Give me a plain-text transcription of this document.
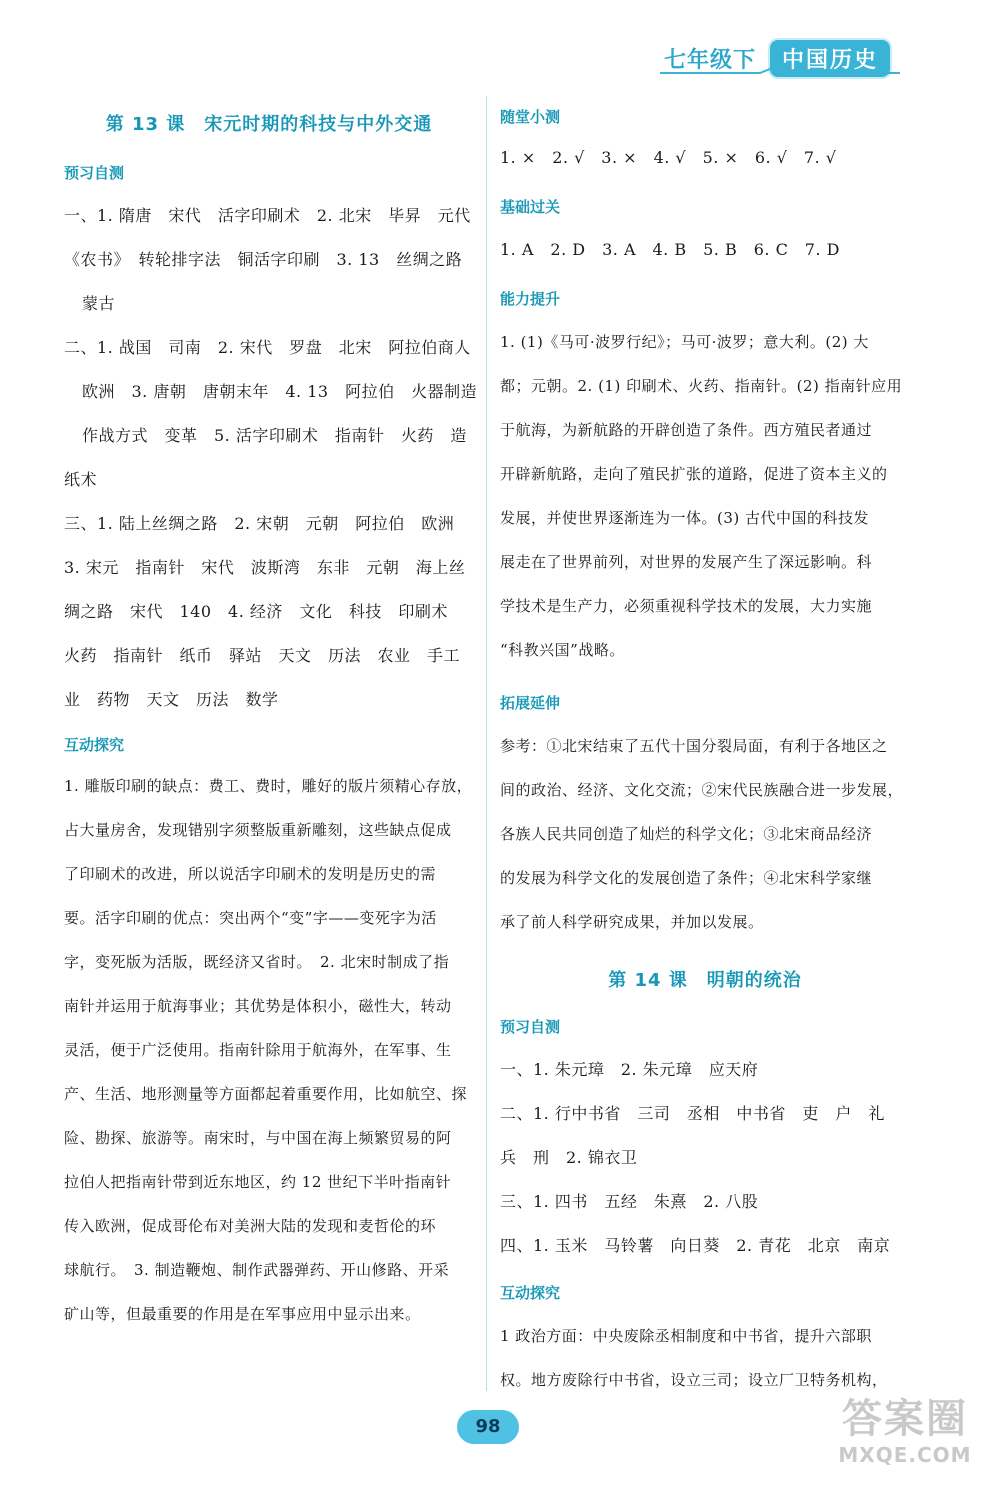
七年级下	中国历史
第 13 课　宋元时期的科技与中外交通
预习自测
一、1. 隋唐　宋代　活字印刷术　2. 北宋　毕昇　元代
《农书》　转轮排字法　铜活字印刷　3. 13　丝绸之路
蒙古
二、1. 战国　司南　2. 宋代　罗盘　北宋　阿拉伯商人
欧洲　3. 唐朝　唐朝末年　4. 13　阿拉伯　火器制造
作战方式　变革　5. 活字印刷术　指南针　火药　造
纸术
三、1. 陆上丝绸之路　2. 宋朝　元朝　阿拉伯　欧洲
3. 宋元　指南针　宋代　波斯湾　东非　元朝　海上丝
绸之路　宋代　140　4. 经济　文化　科技　印刷术
火药　指南针　纸币　驿站　天文　历法　农业　手工
业　药物　天文　历法　数学
互动探究
1. 雕版印刷的缺点：费工、费时，雕好的版片须精心存放，
占大量房舍，发现错别字须整版重新雕刻，这些缺点促成
了印刷术的改进，所以说活字印刷术的发明是历史的需
要。活字印刷的优点：突出两个“变”字——变死字为活
字，变死版为活版，既经济又省时。　2. 北宋时制成了指
南针并运用于航海事业；其优势是体积小，磁性大，转动
灵活，便于广泛使用。指南针除用于航海外，在军事、生
产、生活、地形测量等方面都起着重要作用，比如航空、探
险、勘探、旅游等。南宋时，与中国在海上频繁贸易的阿
拉伯人把指南针带到近东地区，约 12 世纪下半叶指南针
传入欧洲，促成哥伦布对美洲大陆的发现和麦哲伦的环
球航行。　3. 制造鞭炮、制作武器弹药、开山修路、开采
矿山等，但最重要的作用是在军事应用中显示出来。
随堂小测
1. ×　2. √　3. ×　4. √　5. ×　6. √　7. √
基础过关
1. A　2. D　3. A　4. B　5. B　6. C　7. D
能力提升
1. (1)《马可·波罗行纪》；马可·波罗；意大利。(2) 大
都；元朝。2. (1) 印刷术、火药、指南针。(2) 指南针应用
于航海，为新航路的开辟创造了条件。西方殖民者通过
开辟新航路，走向了殖民扩张的道路，促进了资本主义的
发展，并使世界逐渐连为一体。(3) 古代中国的科技发
展走在了世界前列，对世界的发展产生了深远影响。科
学技术是生产力，必须重视科学技术的发展，大力实施
“科教兴国”战略。
拓展延伸
参考：①北宋结束了五代十国分裂局面，有利于各地区之
间的政治、经济、文化交流；②宋代民族融合进一步发展，
各族人民共同创造了灿烂的科学文化；③北宋商品经济
的发展为科学文化的发展创造了条件；④北宋科学家继
承了前人科学研究成果，并加以发展。
第 14 课　明朝的统治
预习自测
一、1. 朱元璋　2. 朱元璋　应天府
二、1. 行中书省　三司　丞相　中书省　吏　户　礼
兵　刑　2. 锦衣卫
三、1. 四书　五经　朱熹　2. 八股
四、1. 玉米　马铃薯　向日葵　2. 青花　北京　南京
互动探究
1 政治方面：中央废除丞相制度和中书省，提升六部职
权。地方废除行中书省，设立三司；设立厂卫特务机构，
98	答案圈
MXQE.COM
